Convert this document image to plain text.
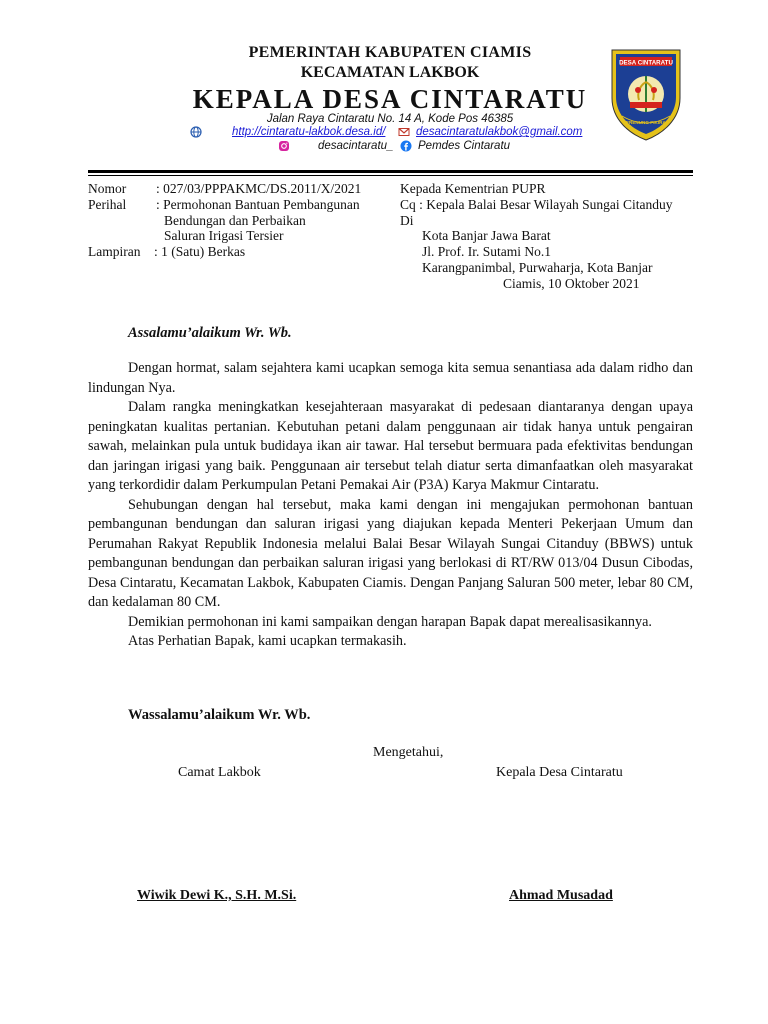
PEMERINTAH KABUPATEN CIAMIS
KECAMATAN LAKBOK
KEPALA DESA CINTARATU
Jalan Raya Cintaratu No. 14 A, Kode Pos 46385
http://cintaratu-lakbok.desa.id/	desacintaratulakbok@gmail.com
desacintaratu_ Pemdes Cintaratu
DESA CINTARATU
PERENUNG PIKIRAN
Nomor : 027/03/PPPAKMC/DS.2011/X/2021
Perihal : Permohonan Bantuan Pembangunan
Bendungan dan Perbaikan
Saluran Irigasi Tersier
Lampiran : 1 (Satu) Berkas
Kepada Kementrian PUPR
Cq : Kepala Balai Besar Wilayah Sungai Citanduy
Di
Kota Banjar Jawa Barat
Jl. Prof. Ir. Sutami No.1
Karangpanimbal, Purwaharja, Kota Banjar
Ciamis, 10 Oktober 2021
Assalamu’alaikum Wr. Wb.

Dengan hormat, salam sejahtera kami ucapkan semoga kita semua senantiasa ada dalam ridho dan lindungan Nya.

Dalam rangka meningkatkan kesejahteraan masyarakat di pedesaan diantaranya dengan upaya peningkatan kualitas pertanian. Kebutuhan petani dalam penggunaan air tidak hanya untuk pengairan sawah, melainkan pula untuk budidaya ikan air tawar. Hal tersebut bermuara pada efektivitas bendungan dan jaringan irigasi yang baik. Penggunaan air tersebut telah diatur serta dimanfaatkan oleh masyarakat yang terkordidir dalam Perkumpulan Petani Pemakai Air (P3A) Karya Makmur Cintaratu.

Sehubungan dengan hal tersebut, maka kami dengan ini mengajukan permohonan bantuan pembangunan bendungan dan saluran irigasi yang diajukan kepada Menteri Pekerjaan Umum dan Perumahan Rakyat Republik Indonesia melalui Balai Besar Wilayah Sungai Citanduy (BBWS) untuk pembangunan bendungan dan perbaikan saluran irigasi yang berlokasi di RT/RW 013/04 Dusun Cibodas, Desa Cintaratu, Kecamatan Lakbok, Kabupaten Ciamis. Dengan Panjang Saluran 500 meter, lebar 80 CM, dan kedalaman 80 CM.

Demikian permohonan ini kami sampaikan dengan harapan Bapak dapat merealisasikannya.

Atas Perhatian Bapak, kami ucapkan termakasih.

Wassalamu’alaikum Wr. Wb.
Mengetahui,
Camat Lakbok	Kepala Desa Cintaratu
Wiwik Dewi K., S.H. M.Si.	Ahmad Musadad
